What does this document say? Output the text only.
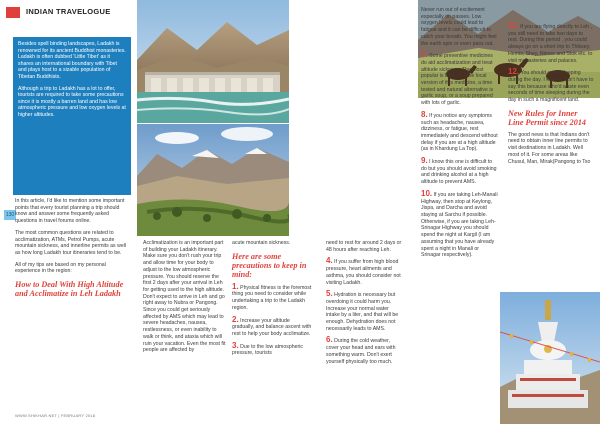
INDIAN TRAVELOGUE

Besides spell binding landscapes, Ladakh is renowned for its ancient Buddhist monasteries. Ladakh is often dubbed 'Little Tibet' as it shares an international boundary with Tibet and plays host to a sizable population of Tibetan Buddhists.

Although a trip to Ladakh has a lot to offer, tourists are required to take some precautions since it is mostly a barren land and has low atmospheric pressure and low oxygen levels at higher altitudes.

130

In this article, I'd like to mention some important points that every tourist planning a trip should know and answer some frequently asked questions in travel forums online.

The most common questions are related to acclimatization, ATMs, Petrol Pumps, acute mountain sickness, and innerline permits as well as how long Ladakh tour itineraries tend to be.

All of my tips are based on my personal experience in the region:

How to Deal With High Altitude and Acclimatize in Leh Ladakh

Acclimatization is an important part of building your Ladakh itinerary. Make sure you don't rush your trip and allow time for your body to adjust to the low atmospheric pressure. You should reserve the first 2 days after your arrival in Leh for getting used to the high altitude. Don't expect to arrive in Leh and go right away to Nubra or Pangong. Since you could get seriously affected by AMS which may lead to severe headaches, nausea, restlessness, or even inability to walk or think, and ataxia which will ruin your vacation. Even the most fit people are affected by

acute mountain sickness.

Here are some precautions to keep in mind:

1. Physical fitness is the foremost thing you need to consider while undertaking a trip to the Ladakh region.

2. Increase your altitude gradually, and balance ascent with rest to help your body acclimatize.

3. Due to the low atmospheric pressure, tourists

need to rest for around 2 days or 48 hours after reaching Leh.

4. If you suffer from high blood pressure, heart ailments and asthma, you should consider not visiting Ladakh.

5. Hydration is necessary but overdoing it could harm you. Increase your normal water intake by a liter, and that will be enough. Dehydration does not necessarily leads to AMS.

6. During the cold weather, cover your head and ears with something warm. Don't exert yourself physically too much.

Never run out of excitement especially on passes. Low oxygen levels could lead to fatigue and it can be difficult to catch your breath. You might feel the earth spin or even pass out.

7. Some preventive medicines do aid acclimatization and treat altitude sickness. The most popular is Diamox. The local version of this medicine, a time tested and natural alternative is garlic soup, or a soup prepared with lots of garlic.

8. If you notice any symptoms such as headache, nausea, dizziness, or fatigue, rest immediately and descend without delay if you are at a high altitude (as in Khardung La Top).

9. I know this one is difficult to do but you should avoid smoking and drinking alcohol at a high altitude to prevent AMS.

10. If you are taking Leh-Manali Highway, then stop at Keylong, Jispa, and Darcha and avoid staying at Sarchu if possible. Otherwise, if you are taking Leh-Srinagar Highway you should spend the night at Kargil (I am assuming that you have already spent a night in Manali or Srinagar respectively).

11. If you are flying directly to Leh , you still need to take two days to rest. During this period , you could always go on a short trip to Thiksey, Hemis, Shey, Nimoo and Stok etc. to visit monasteries and palaces.

12. You should avoid sleeping during the day. I know I didn't have to say this because who'd waste even seconds of time sleeping during the day in such a magnificent land.

New Rules for Inner Line Permit since 2014

The good news is that Indians don't need to obtain inner line permits to visit destinations in Ladakh. Well most of it. For some areas like Chusul, Man, Mirak(Pangong to Tso

WWW.SHIKHAR.NET | FEBRUARY 2018
